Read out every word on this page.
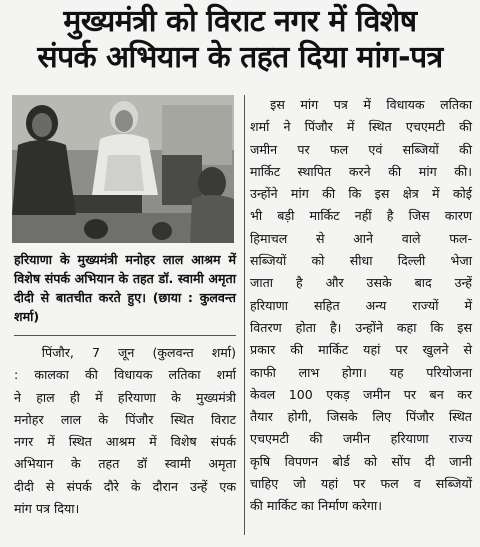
मुख्यमंत्री को विराट नगर में विशेष
संपर्क अभियान के तहत दिया मांग-पत्र
हरियाणा के मुख्यमंत्री मनोहर लाल आश्रम में विशेष संपर्क अभियान के तहत डॉ. स्वामी अमृता दीदी से बातचीत करते हुए। (छाया : कुलवन्त शर्मा)

पिंजौर, 7 जून (कुलवन्त शर्मा)

: कालका की विधायक लतिका शर्मा

ने हाल ही में हरियाणा के मुख्यमंत्री

मनोहर लाल के पिंजौर स्थित विराट

नगर में स्थित आश्रम में विशेष संपर्क

अभियान के तहत डॉ स्वामी अमृता

दीदी से संपर्क दौरे के दौरान उन्हें एक

मांग पत्र दिया।

इस मांग पत्र में विधायक लतिका

शर्मा ने पिंजौर में स्थित एचएमटी की

जमीन पर फल एवं सब्जियों की

मार्किट स्थापित करने की मांग की।

उन्होंने मांग की कि इस क्षेत्र में कोई

भी बड़ी मार्किट नहीं है जिस कारण

हिमाचल से आने वाले फल-

सब्जियों को सीधा दिल्ली भेजा

जाता है और उसके बाद उन्हें

हरियाणा सहित अन्य राज्यों में

वितरण होता है। उन्होंने कहा कि इस

प्रकार की मार्किट यहां पर खुलने से

काफी लाभ होगा। यह परियोजना

केवल 100 एकड़ जमीन पर बन कर

तैयार होगी, जिसके लिए पिंजौर स्थित

एचएमटी की जमीन हरियाणा राज्य

कृषि विपणन बोर्ड को सोंप दी जानी

चाहिए जो यहां पर फल व सब्जियों

की मार्किट का निर्माण करेगा।
